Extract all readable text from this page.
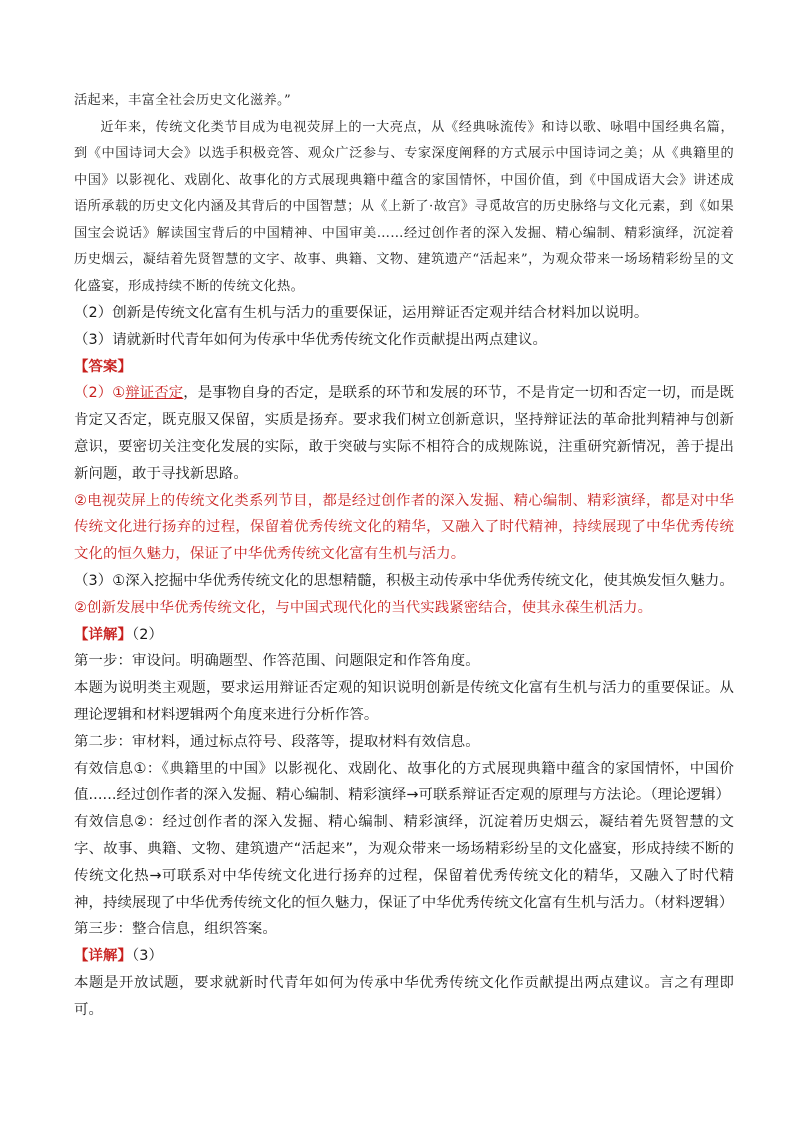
活起来，丰富全社会历史文化滋养。”

近年来，传统文化类节目成为电视荧屏上的一大亮点，从《经典咏流传》和诗以歌、咏唱中国经典名篇，到《中国诗词大会》以选手积极竞答、观众广泛参与、专家深度阐释的方式展示中国诗词之美；从《典籍里的中国》以影视化、戏剧化、故事化的方式展现典籍中蕴含的家国情怀，中国价值，到《中国成语大会》讲述成语所承载的历史文化内涵及其背后的中国智慧；从《上新了·故宫》寻觅故宫的历史脉络与文化元素，到《如果国宝会说话》解读国宝背后的中国精神、中国审美……经过创作者的深入发掘、精心编制、精彩演绎，沉淀着历史烟云，凝结着先贤智慧的文字、故事、典籍、文物、建筑遗产“活起来”，为观众带来一场场精彩纷呈的文化盛宴，形成持续不断的传统文化热。

（2）创新是传统文化富有生机与活力的重要保证，运用辩证否定观并结合材料加以说明。

（3）请就新时代青年如何为传承中华优秀传统文化作贡献提出两点建议。

【答案】

（2）①辩证否定，是事物自身的否定，是联系的环节和发展的环节，不是肯定一切和否定一切，而是既肯定又否定，既克服又保留，实质是扬弃。要求我们树立创新意识，坚持辩证法的革命批判精神与创新意识，要密切关注变化发展的实际，敢于突破与实际不相符合的成规陈说，注重研究新情况，善于提出新问题，敢于寻找新思路。

②电视荧屏上的传统文化类系列节目，都是经过创作者的深入发掘、精心编制、精彩演绎，都是对中华传统文化进行扬弃的过程，保留着优秀传统文化的精华，又融入了时代精神，持续展现了中华优秀传统文化的恒久魅力，保证了中华优秀传统文化富有生机与活力。

（3）①深入挖掘中华优秀传统文化的思想精髓，积极主动传承中华优秀传统文化，使其焕发恒久魅力。

②创新发展中华优秀传统文化，与中国式现代化的当代实践紧密结合，使其永葆生机活力。

【详解】（2）

第一步：审设问。明确题型、作答范围、问题限定和作答角度。

本题为说明类主观题，要求运用辩证否定观的知识说明创新是传统文化富有生机与活力的重要保证。从理论逻辑和材料逻辑两个角度来进行分析作答。

第二步：审材料，通过标点符号、段落等，提取材料有效信息。

有效信息①：《典籍里的中国》以影视化、戏剧化、故事化的方式展现典籍中蕴含的家国情怀，中国价值......经过创作者的深入发掘、精心编制、精彩演绎→可联系辩证否定观的原理与方法论。（理论逻辑）

有效信息②：经过创作者的深入发掘、精心编制、精彩演绎，沉淀着历史烟云，凝结着先贤智慧的文字、故事、典籍、文物、建筑遗产“活起来”，为观众带来一场场精彩纷呈的文化盛宴，形成持续不断的传统文化热→可联系对中华传统文化进行扬弃的过程，保留着优秀传统文化的精华，又融入了时代精神，持续展现了中华优秀传统文化的恒久魅力，保证了中华优秀传统文化富有生机与活力。（材料逻辑）

第三步：整合信息，组织答案。

【详解】（3）

本题是开放试题，要求就新时代青年如何为传承中华优秀传统文化作贡献提出两点建议。言之有理即可。
